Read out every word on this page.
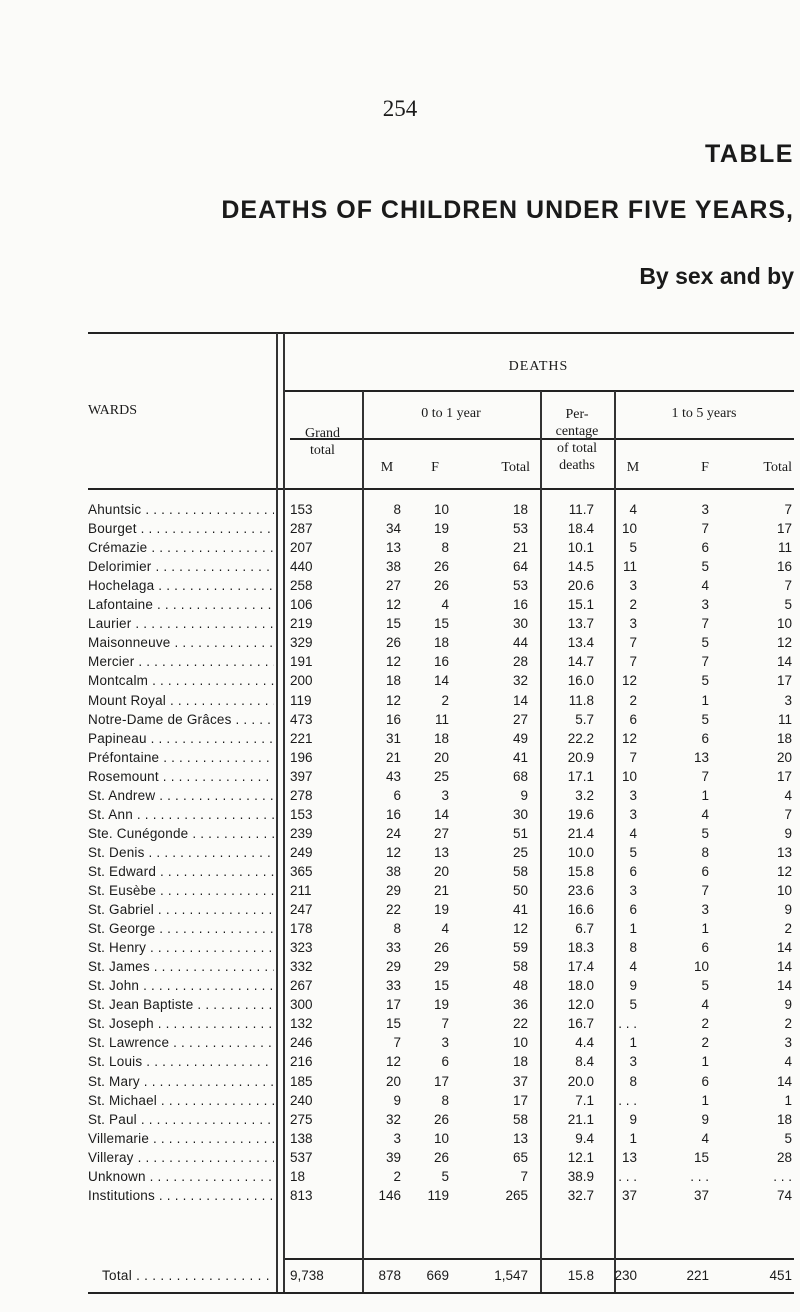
254
TABLE
DEATHS OF CHILDREN UNDER FIVE YEARS,
By sex and by
DEATHS
WARDS
Grand
total
0 to 1 year	1 to 5 years
Per-
centage
of total
deaths
M	F	Total	M	F	Total
Ahuntsic . . .	153	8	10	18	11.7	4	3	7
Bourget . . .	287	34	19	53	18.4	10	7	17
Crémazie . . .	207	13	8	21	10.1	5	6	11
Delorimier . . .	440	38	26	64	14.5	11	5	16
Hochelaga . . .	258	27	26	53	20.6	3	4	7
Lafontaine . . .	106	12	4	16	15.1	2	3	5
Laurier . . .	219	15	15	30	13.7	3	7	10
Maisonneuve . . .	329	26	18	44	13.4	7	5	12
Mercier . . .	191	12	16	28	14.7	7	7	14
Montcalm . . .	200	18	14	32	16.0	12	5	17
Mount Royal . . .	119	12	2	14	11.8	2	1	3
Notre-Dame de Grâces . . .	473	16	11	27	5.7	6	5	11
Papineau . . .	221	31	18	49	22.2	12	6	18
Préfontaine . . .	196	21	20	41	20.9	7	13	20
Rosemount . . .	397	43	25	68	17.1	10	7	17
St. Andrew . . .	278	6	3	9	3.2	3	1	4
St. Ann . . .	153	16	14	30	19.6	3	4	7
Ste. Cunégonde . . .	239	24	27	51	21.4	4	5	9
St. Denis . . .	249	12	13	25	10.0	5	8	13
St. Edward . . .	365	38	20	58	15.8	6	6	12
St. Eusèbe . . .	211	29	21	50	23.6	3	7	10
St. Gabriel . . .	247	22	19	41	16.6	6	3	9
St. George . . .	178	8	4	12	6.7	1	1	2
St. Henry . . .	323	33	26	59	18.3	8	6	14
St. James . . .	332	29	29	58	17.4	4	10	14
St. John . . .	267	33	15	48	18.0	9	5	14
St. Jean Baptiste . . .	300	17	19	36	12.0	5	4	9
St. Joseph . . .	132	15	7	22	16.7	. . .	2	2
St. Lawrence . . .	246	7	3	10	4.4	1	2	3
St. Louis . . .	216	12	6	18	8.4	3	1	4
St. Mary . . .	185	20	17	37	20.0	8	6	14
St. Michael . . .	240	9	8	17	7.1	. . .	1	1
St. Paul . . .	275	32	26	58	21.1	9	9	18
Villemarie . . .	138	3	10	13	9.4	1	4	5
Villeray . . .	537	39	26	65	12.1	13	15	28
Unknown . . .	18	2	5	7	38.9	. . .	. . .	. . .
Institutions . . .	813	146	119	265	32.7	37	37	74
Total . . .	9,738	878	669	1,547	15.8	230	221	451
